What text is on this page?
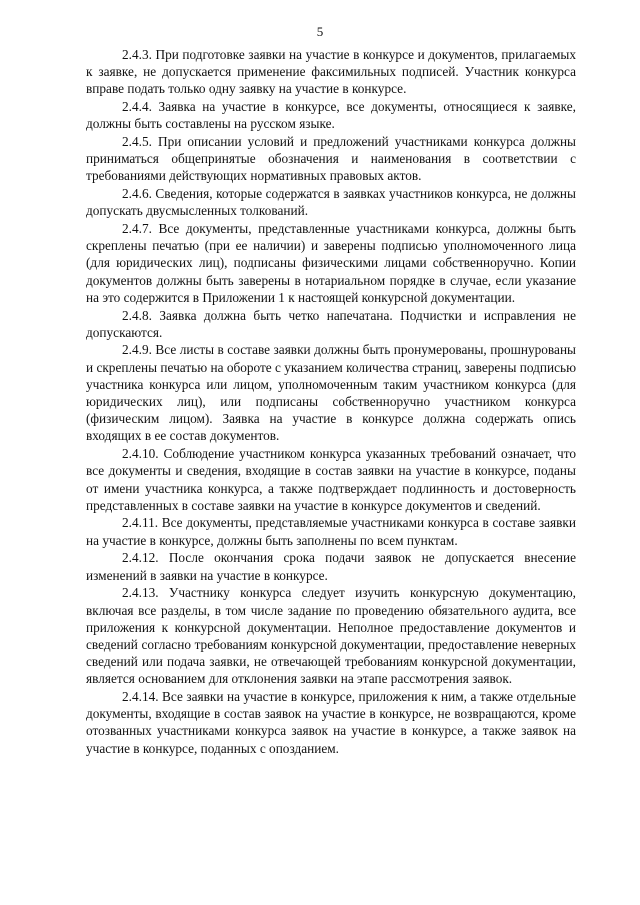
5

2.4.3. При подготовке заявки на участие в конкурсе и документов, прилагаемых к заявке, не допускается применение факсимильных подписей. Участник конкурса вправе подать только одну заявку на участие в конкурсе.

2.4.4. Заявка на участие в конкурсе, все документы, относящиеся к заявке, должны быть составлены на русском языке.

2.4.5. При описании условий и предложений участниками конкурса должны приниматься общепринятые обозначения и наименования в соответствии с требованиями действующих нормативных правовых актов.

2.4.6. Сведения, которые содержатся в заявках участников конкурса, не должны допускать двусмысленных толкований.

2.4.7. Все документы, представленные участниками конкурса, должны быть скреплены печатью (при ее наличии) и заверены подписью уполномоченного лица (для юридических лиц), подписаны физическими лицами собственноручно. Копии документов должны быть заверены в нотариальном порядке в случае, если указание на это содержится в Приложении 1 к настоящей конкурсной документации.

2.4.8. Заявка должна быть четко напечатана. Подчистки и исправления не допускаются.

2.4.9. Все листы в составе заявки должны быть пронумерованы, прошнурованы и скреплены печатью на обороте с указанием количества страниц, заверены подписью участника конкурса или лицом, уполномоченным таким участником конкурса (для юридических лиц), или подписаны собственноручно участником конкурса (физическим лицом). Заявка на участие в конкурсе должна содержать опись входящих в ее состав документов.

2.4.10. Соблюдение участником конкурса указанных требований означает, что все документы и сведения, входящие в состав заявки на участие в конкурсе, поданы от имени участника конкурса, а также подтверждает подлинность и достоверность представленных в составе заявки на участие в конкурсе документов и сведений.

2.4.11. Все документы, представляемые участниками конкурса в составе заявки на участие в конкурсе, должны быть заполнены по всем пунктам.

2.4.12. После окончания срока подачи заявок не допускается внесение изменений в заявки на участие в конкурсе.

2.4.13. Участнику конкурса следует изучить конкурсную документацию, включая все разделы, в том числе задание по проведению обязательного аудита, все приложения к конкурсной документации. Неполное предоставление документов и сведений согласно требованиям конкурсной документации, предоставление неверных сведений или подача заявки, не отвечающей требованиям конкурсной документации, является основанием для отклонения заявки на этапе рассмотрения заявок.

2.4.14. Все заявки на участие в конкурсе, приложения к ним, а также отдельные документы, входящие в состав заявок на участие в конкурсе, не возвращаются, кроме отозванных участниками конкурса заявок на участие в конкурсе, а также заявок на участие в конкурсе, поданных с опозданием.
